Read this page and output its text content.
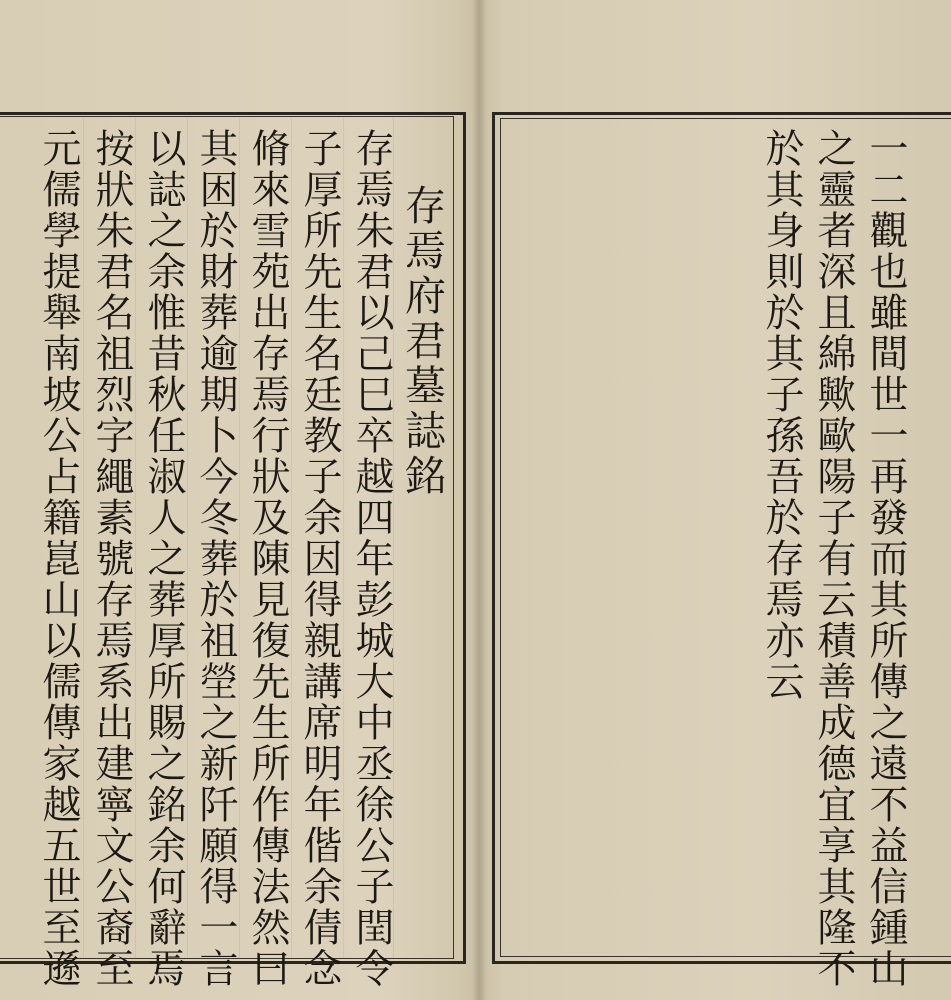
存焉府君墓誌銘
存焉朱君以己巳卒越四年彭城大中丞徐公子閏令
子厚所先生名廷教子余因得親講席明年偕余倩念
脩來雪苑出存焉行狀及陳見復先生所作傳法然曰
其困於財葬逾期卜今冬葬於祖塋之新阡願得一言
以誌之余惟昔秋任淑人之葬厚所賜之銘余何辭焉
按狀朱君名祖烈字繩素號存焉系出建寧文公裔至
元儒學提舉南坡公占籍崑山以儒傳家越五世至遜	一二觀也雖間世一再發而其所傳之遠不益信鍾山
之靈者深且綿歟歐陽子有云積善成德宜享其隆不
於其身則於其子孫吾於存焉亦云
